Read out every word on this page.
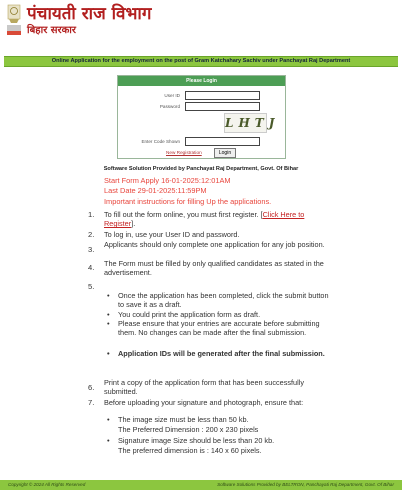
पंचायती राज विभाग
बिहार सरकार
Online Application for the employment on the post of Gram Katchahary Sachiv under Panchayat Raj Department
Please Login
User ID
Password
LHTJ
Enter Code Shown
New Registration	Login
Software Solution Provided by Panchayat Raj Department, Govt. Of Bihar
Start Form Apply 16-01-2025:12:01AM
Last Date 29-01-2025:11:59PM
Important instructions for filling Up the applications.
1. To fill out the form online, you must first register. [Click Here to Register].
2. To log in, use your User ID and password.
3.
Applicants should only complete one application for any job position.
4. The Form must be filled by only qualified candidates as stated in the advertisement.
5.
• Once the application has been completed, click the submit button to save it as a draft.
• You could print the application form as draft.
• Please ensure that your entries are accurate before submitting them. No changes can be made after the final submission.
• Application IDs will be generated after the final submission.
6.
Print a copy of the application form that has been successfully submitted.
7. Before uploading your signature and photograph, ensure that:
• The image size must be less than 50 kb.
The Preferred Dimension : 200 x 230 pixels
• Signature image Size should be less than 20 kb.
The preferred dimension is : 140 x 60 pixels.
Copyright © 2024 All Rights Reserved	Software Solutions Provided by BELTRON, Panchayati Raj Department, Govt. Of Bihar
